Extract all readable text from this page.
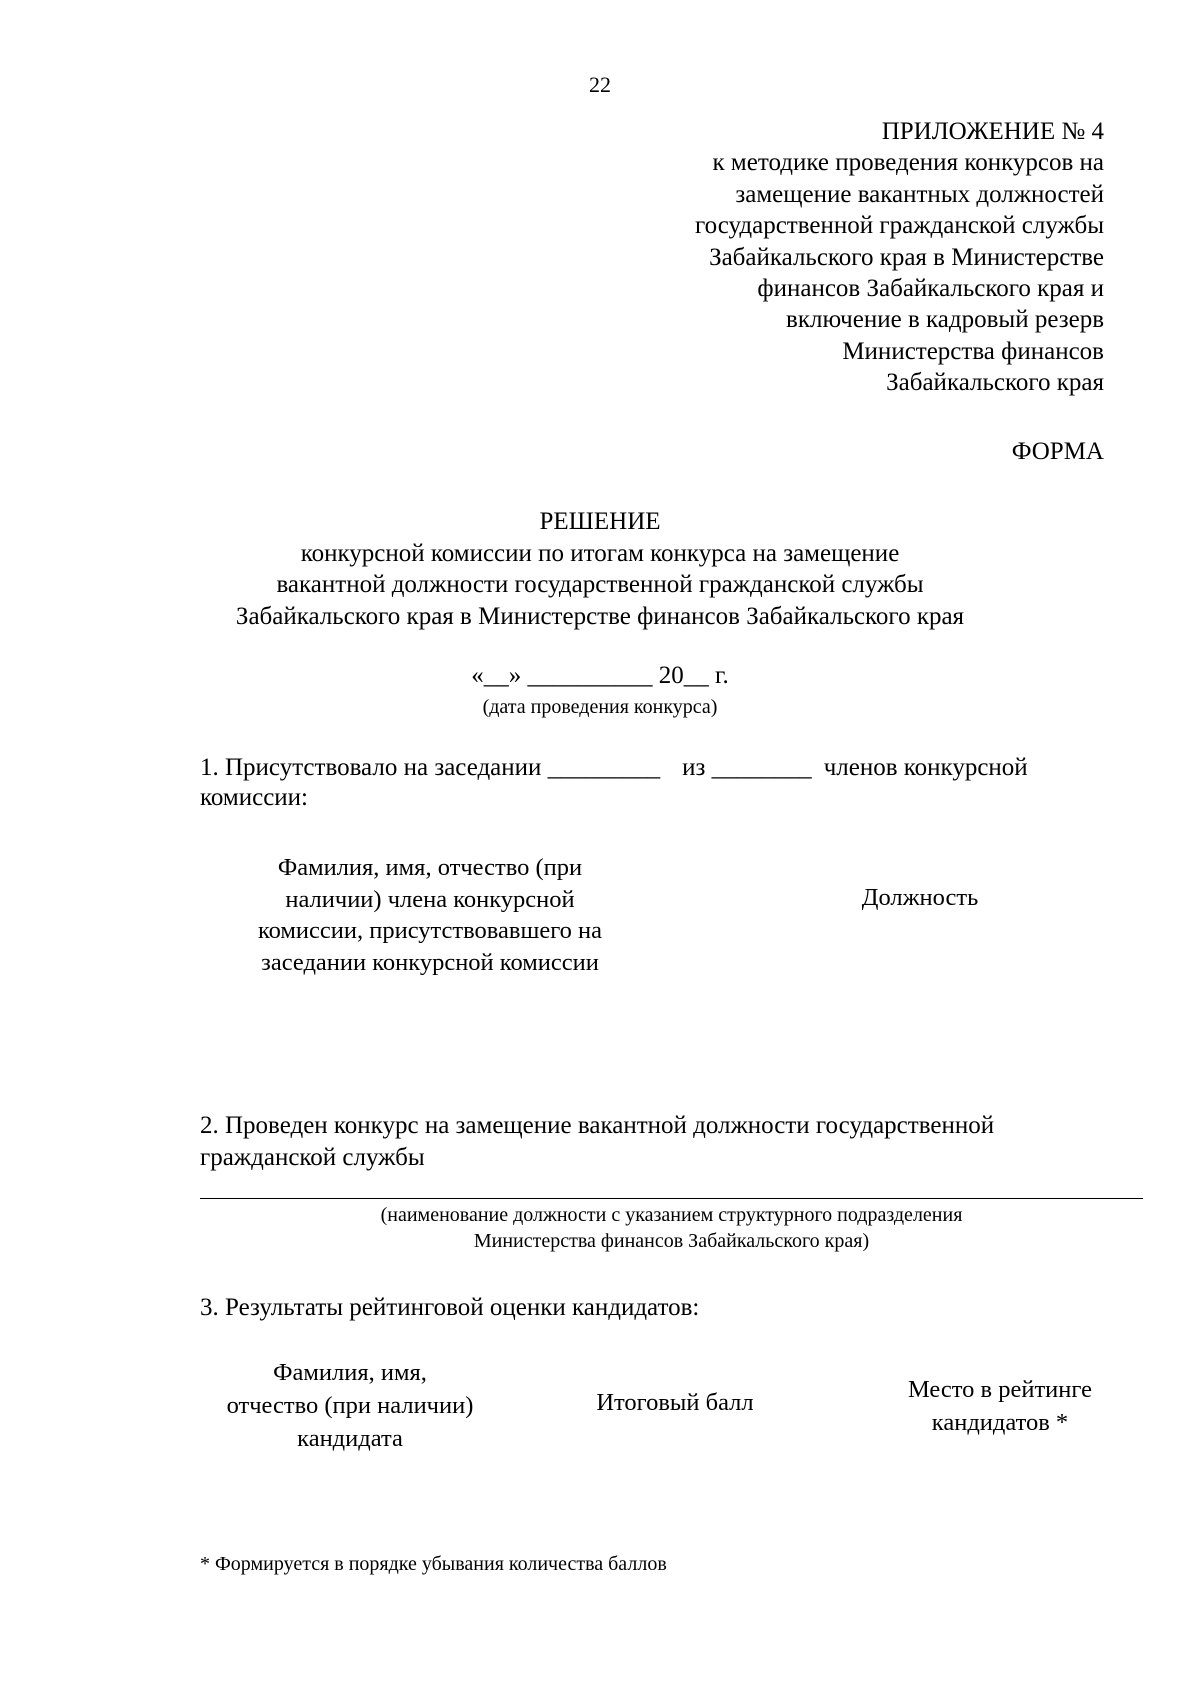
22
ПРИЛОЖЕНИЕ № 4
к методике проведения конкурсов на
замещение вакантных должностей
государственной гражданской службы
Забайкальского края в Министерстве
финансов Забайкальского края и
включение в кадровый резерв
Министерства финансов
Забайкальского края
ФОРМА
РЕШЕНИЕ
конкурсной комиссии по итогам конкурса на замещение
вакантной должности государственной гражданской службы
Забайкальского края в Министерстве финансов Забайкальского края
«__» __________ 20__ г.
(дата проведения конкурса)
1. Присутствовало на заседании _________ из ________ членов конкурсной
комиссии:
Фамилия, имя, отчество (при
наличии) члена конкурсной
комиссии, присутствовавшего на
заседании конкурсной комиссии
Должность
2. Проведен конкурс на замещение вакантной должности государственной
гражданской службы
(наименование должности с указанием структурного подразделения
Министерства финансов Забайкальского края)
3. Результаты рейтинговой оценки кандидатов:
Фамилия, имя,
отчество (при наличии)
кандидата
Итоговый балл	Место в рейтинге
кандидатов *
* Формируется в порядке убывания количества баллов
